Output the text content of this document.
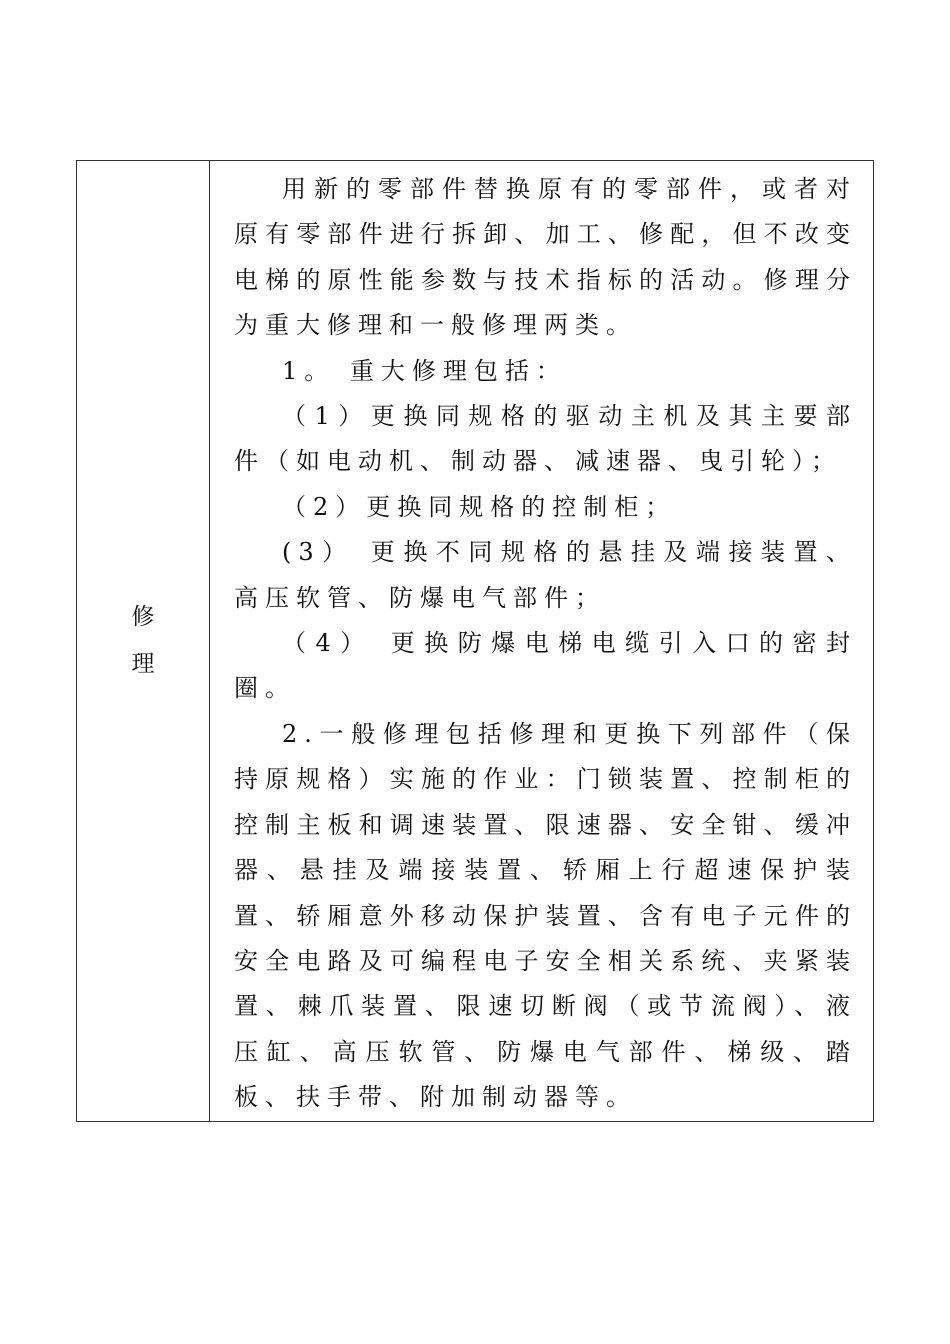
修
理

用新的零部件替换原有的零部件，或者对原有零部件进行拆卸、加工、修配，但不改变电梯的原性能参数与技术指标的活动。修理分为重大修理和一般修理两类。

1。 重大修理包括：

（1）更换同规格的驱动主机及其主要部件（如电动机、制动器、减速器、曳引轮）；

（2）更换同规格的控制柜；

(3） 更换不同规格的悬挂及端接装置、高压软管、防爆电气部件；

（4） 更换防爆电梯电缆引入口的密封圈。

2.一般修理包括修理和更换下列部件（保持原规格）实施的作业：门锁装置、控制柜的控制主板和调速装置、限速器、安全钳、缓冲器、悬挂及端接装置、轿厢上行超速保护装置、轿厢意外移动保护装置、含有电子元件的安全电路及可编程电子安全相关系统、夹紧装置、棘爪装置、限速切断阀（或节流阀）、液压缸、高压软管、防爆电气部件、梯级、踏板、扶手带、附加制动器等。
